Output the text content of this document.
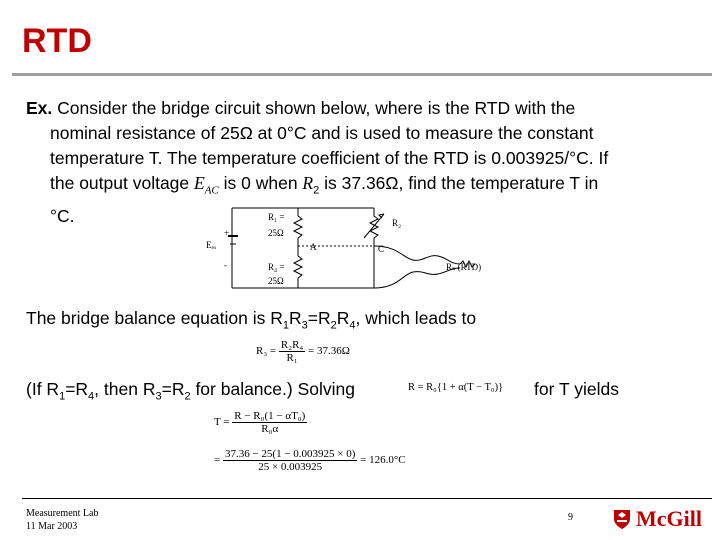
RTD
Ex. Consider the bridge circuit shown below, where is the RTD with the
nominal resistance of 25Ω at 0°C and is used to measure the constant
temperature T. The temperature coefficient of the RTD is 0.003925/°C. If
the output voltage $E_{AC}$ is 0 when $R_2$ is 37.36Ω, find the temperature T in
°C.	R₁ =
25Ω
R₄ =
25Ω
R₂
A	C
Eₑₓ
+
-	Rₛ (RTD)
The bridge balance equation is $R_1R_3=R_2R_4$, which leads to
$R_3 = \frac{\text{R₂R₄}}{\text{R₁}} = 37.36\Omega$
(If $R_1=R_4$, then $R_3=R_2$ for balance.) Solving	R = R₀{1 + α(T − T₀)} for T yields
$T = \frac{\text{R − R₀(1 − αT₀)}}{\text{R₀α}}$
= $\frac{37.36 - 25(1 - 0.003925 \times 0)}{25 \times 0.003925} = 126.0^\circ C$
Measurement Lab
11 Mar 2003
9	McGill
